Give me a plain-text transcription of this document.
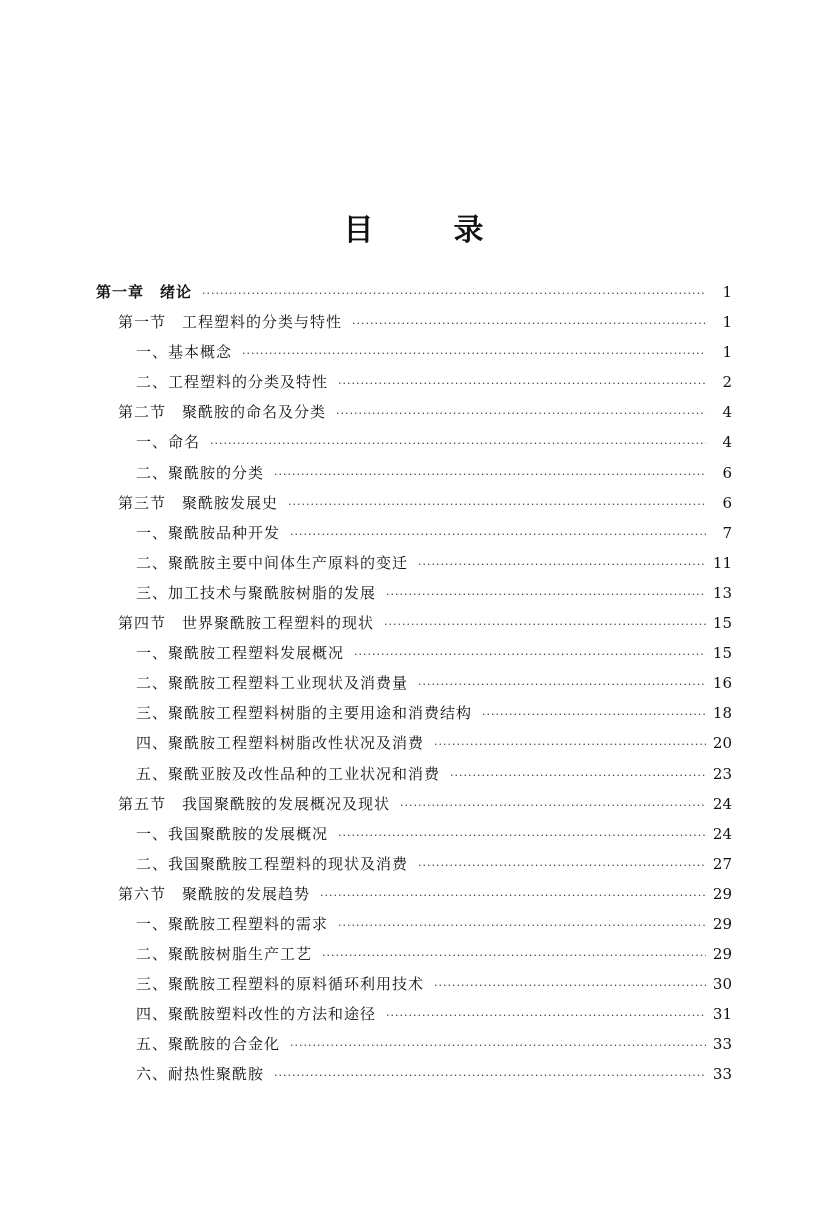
目	录
第一章　绪论 ·····	1
第一节　工程塑料的分类与特性 ·····	1
一、基本概念 ·····	1
二、工程塑料的分类及特性 ·····	2
第二节　聚酰胺的命名及分类 ·····	4
一、命名 ·····	4
二、聚酰胺的分类 ·····	6
第三节　聚酰胺发展史 ·····	6
一、聚酰胺品种开发 ·····	7
二、聚酰胺主要中间体生产原料的变迁 ·····	11
三、加工技术与聚酰胺树脂的发展 ·····	13
第四节　世界聚酰胺工程塑料的现状 ·····	15
一、聚酰胺工程塑料发展概况 ·····	15
二、聚酰胺工程塑料工业现状及消费量 ·····	16
三、聚酰胺工程塑料树脂的主要用途和消费结构 ·····	18
四、聚酰胺工程塑料树脂改性状况及消费 ·····	20
五、聚酰亚胺及改性品种的工业状况和消费 ·····	23
第五节　我国聚酰胺的发展概况及现状 ·····	24
一、我国聚酰胺的发展概况 ·····	24
二、我国聚酰胺工程塑料的现状及消费 ·····	27
第六节　聚酰胺的发展趋势 ·····	29
一、聚酰胺工程塑料的需求 ·····	29
二、聚酰胺树脂生产工艺 ·····	29
三、聚酰胺工程塑料的原料循环利用技术 ·····	30
四、聚酰胺塑料改性的方法和途径 ·····	31
五、聚酰胺的合金化 ·····	33
六、耐热性聚酰胺 ·····	33
